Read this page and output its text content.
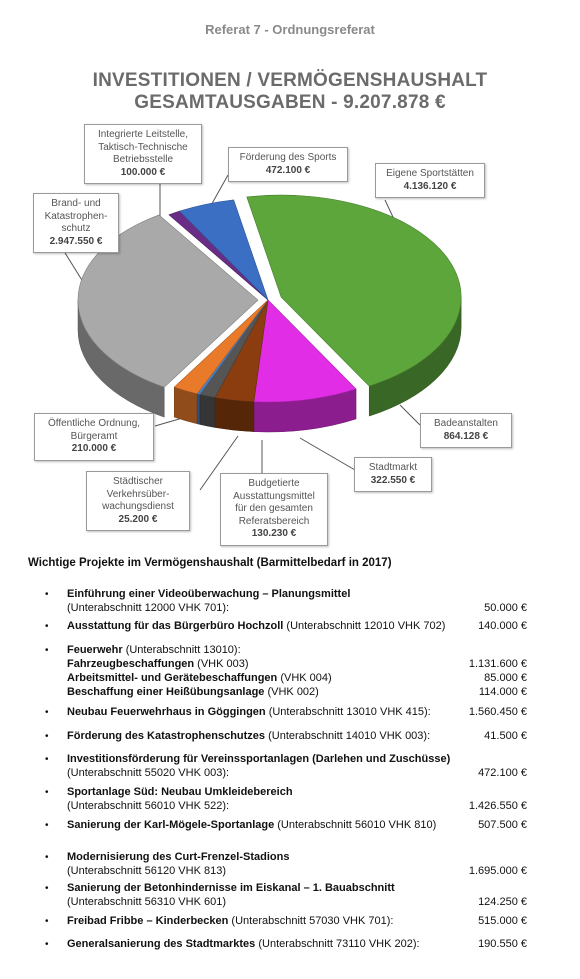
Referat 7 - Ordnungsreferat
INVESTITIONEN / VERMÖGENSHAUSHALT
GESAMTAUSGABEN - 9.207.878 €
Eigene Sportstätten
4.136.120 €
Badeanstalten
864.128 €
Stadtmarkt
322.550 €
Budgetierte
Ausstattungsmittel
für den gesamten
Referatsbereich
130.230 €
Städtischer
Verkehrsüber-
wachungsdienst
25.200 €
Öffentliche Ordnung,
Bürgeramt
210.000 €
Brand- und
Katastrophen-
schutz
2.947.550 €
Integrierte Leitstelle,
Taktisch-Technische
Betriebsstelle
100.000 €
Förderung des Sports
472.100 €
Wichtige Projekte im Vermögenshaushalt (Barmittelbedarf in 2017)
• Einführung einer Videoüberwachung – Planungsmittel
(Unterabschnitt 12000 VHK 701):	50.000 €
• Ausstattung für das Bürgerbüro Hochzoll (Unterabschnitt 12010 VHK 702)	140.000 €
• Feuerwehr (Unterabschnitt 13010):
Fahrzeugbeschaffungen (VHK 003)	1.131.600 €
Arbeitsmittel- und Gerätebeschaffungen (VHK 004)	85.000 €
Beschaffung einer Heißübungsanlage (VHK 002)	114.000 €
• Neubau Feuerwehrhaus in Göggingen (Unterabschnitt 13010 VHK 415):	1.560.450 €
• Förderung des Katastrophenschutzes (Unterabschnitt 14010 VHK 003):	41.500 €
• Investitionsförderung für Vereinssportanlagen (Darlehen und Zuschüsse)
(Unterabschnitt 55020 VHK 003):	472.100 €
• Sportanlage Süd: Neubau Umkleidebereich
(Unterabschnitt 56010 VHK 522):	1.426.550 €
• Sanierung der Karl-Mögele-Sportanlage (Unterabschnitt 56010 VHK 810)	507.500 €
• Modernisierung des Curt-Frenzel-Stadions
(Unterabschnitt 56120 VHK 813)	1.695.000 €
• Sanierung der Betonhindernisse im Eiskanal – 1. Bauabschnitt
(Unterabschnitt 56310 VHK 601)	124.250 €
• Freibad Fribbe – Kinderbecken (Unterabschnitt 57030 VHK 701):	515.000 €
• Generalsanierung des Stadtmarktes (Unterabschnitt 73110 VHK 202):	190.550 €
